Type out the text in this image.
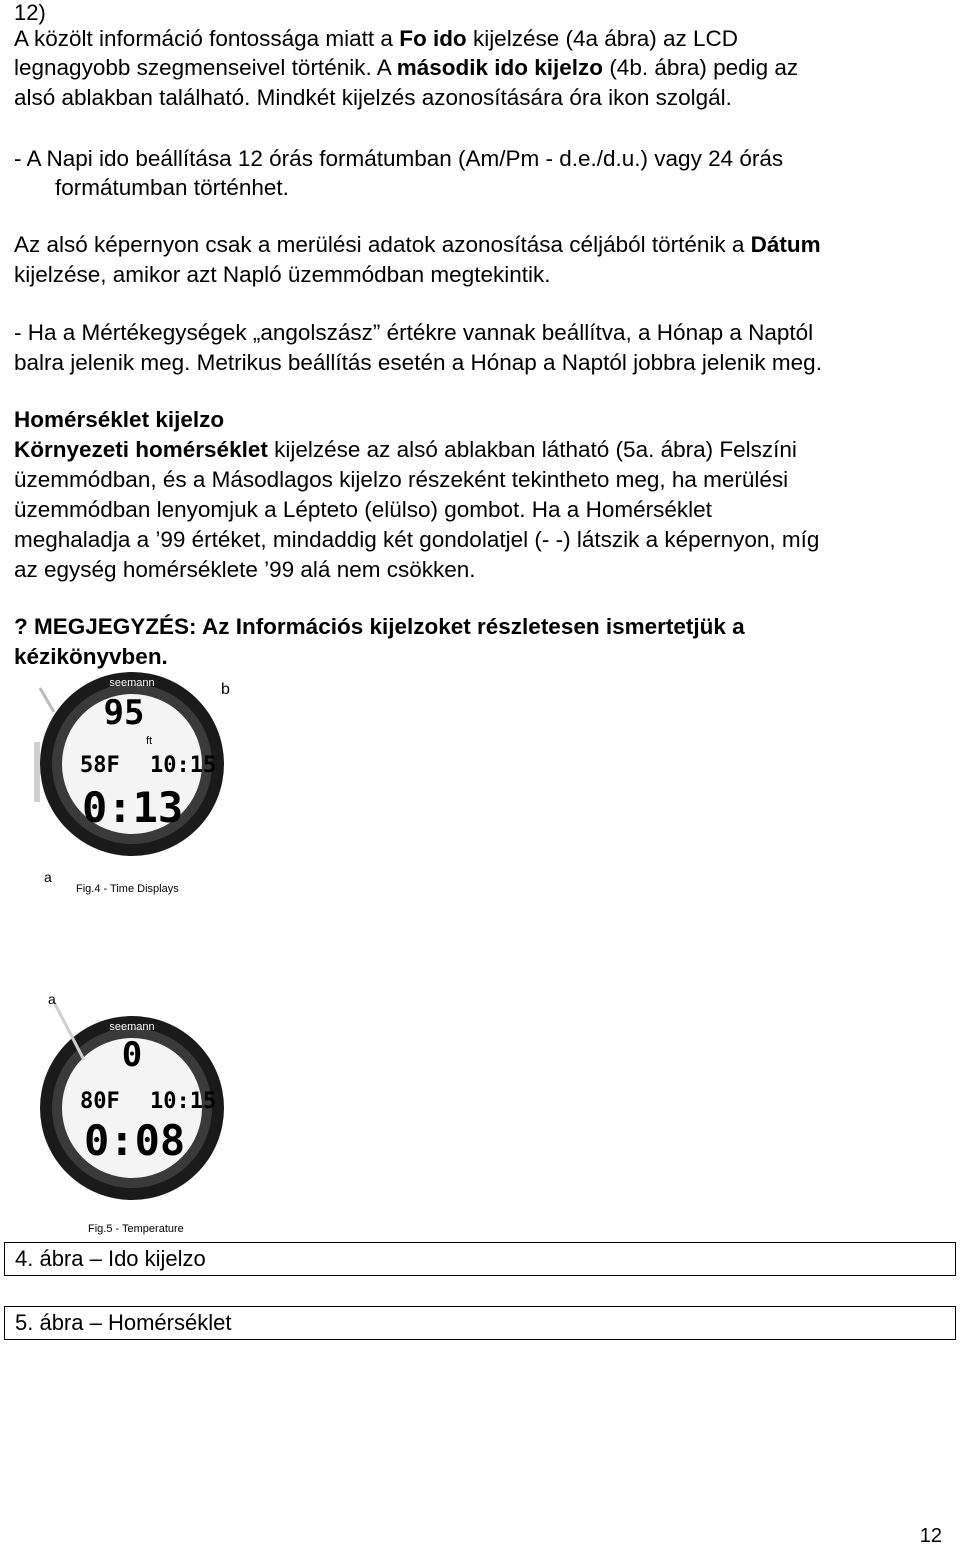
12)
A közölt információ fontossága miatt a Fo ido kijelzése (4a ábra) az LCD
legnagyobb szegmenseivel történik. A második ido kijelzo (4b. ábra) pedig az
alsó ablakban található. Mindkét kijelzés azonosítására óra ikon szolgál.
- A Napi ido beállítása 12 órás formátumban (Am/Pm - d.e./d.u.) vagy 24 órás
formátumban történhet.
Az alsó képernyon csak a merülési adatok azonosítása céljából történik a Dátum
kijelzése, amikor azt Napló üzemmódban megtekintik.
- Ha a Mértékegységek „angolszász” értékre vannak beállítva, a Hónap a Naptól
balra jelenik meg. Metrikus beállítás esetén a Hónap a Naptól jobbra jelenik meg.
Homérséklet kijelzo
Környezeti homérséklet kijelzése az alsó ablakban látható (5a. ábra) Felszíni
üzemmódban, és a Másodlagos kijelzo részeként tekintheto meg, ha merülési
üzemmódban lenyomjuk a Lépteto (elülso) gombot. Ha a Homérséklet
meghaladja a ’99 értéket, mindaddig két gondolatjel (- -) látszik a képernyon, míg
az egység homérséklete ’99 alá nem csökken.
? MEGJEGYZÉS: Az Információs kijelzoket részletesen ismertetjük a
kézikönyvben.
seemann	b
95
ft
58F 10:15
0:13
a
Fig.4 - Time Displays
seemann
a
0
80F 10:15
0:08
Fig.5 - Temperature
4. ábra – Ido kijelzo
5. ábra – Homérséklet
12
